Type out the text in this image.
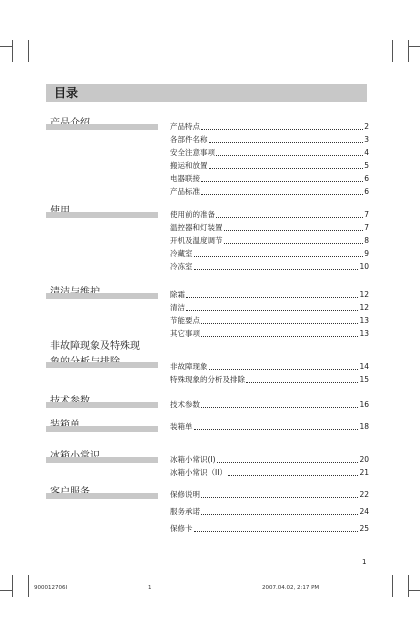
目录
产品特点	2
各部件名称	3
安全注意事项	4
搬运和放置	5
电器联接	6
产品标准	6
使用前的准备	7
温控器和灯装置	7
开机及温度调节	8
冷藏室	9
冷冻室	10
除霜	12
清洁	12
节能要点	13
其它事项	13
非故障现象及特殊现
非故障现象	14
特殊现象的分析及排除	15
技术参数	16
装箱单	18
冰箱小常识(I)	20
冰箱小常识（II）	21
保修说明	22
服务承诺	24
保修卡	25
1
900012706I	1	2007.04.02, 2:17 PM
